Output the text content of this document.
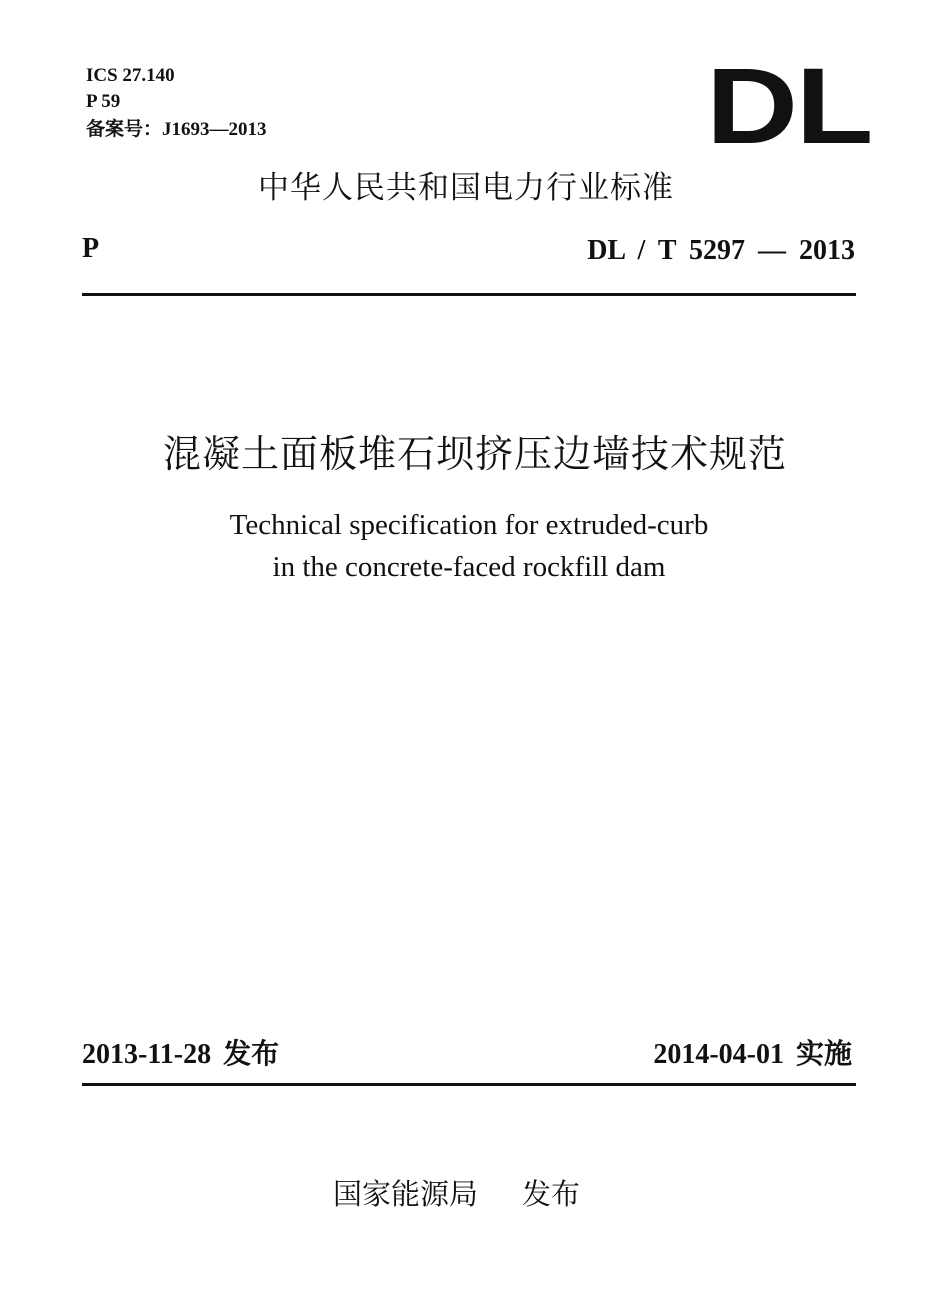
ICS 27.140
P 59
备案号：J1693—2013	DL
中华人民共和国电力行业标准
P	DL / T 5297 — 2013
混凝土面板堆石坝挤压边墙技术规范
Technical specification for extruded-curb
in the concrete-faced rockfill dam
2013-11-28 发布	2014-04-01 实施
国家能源局 发布
